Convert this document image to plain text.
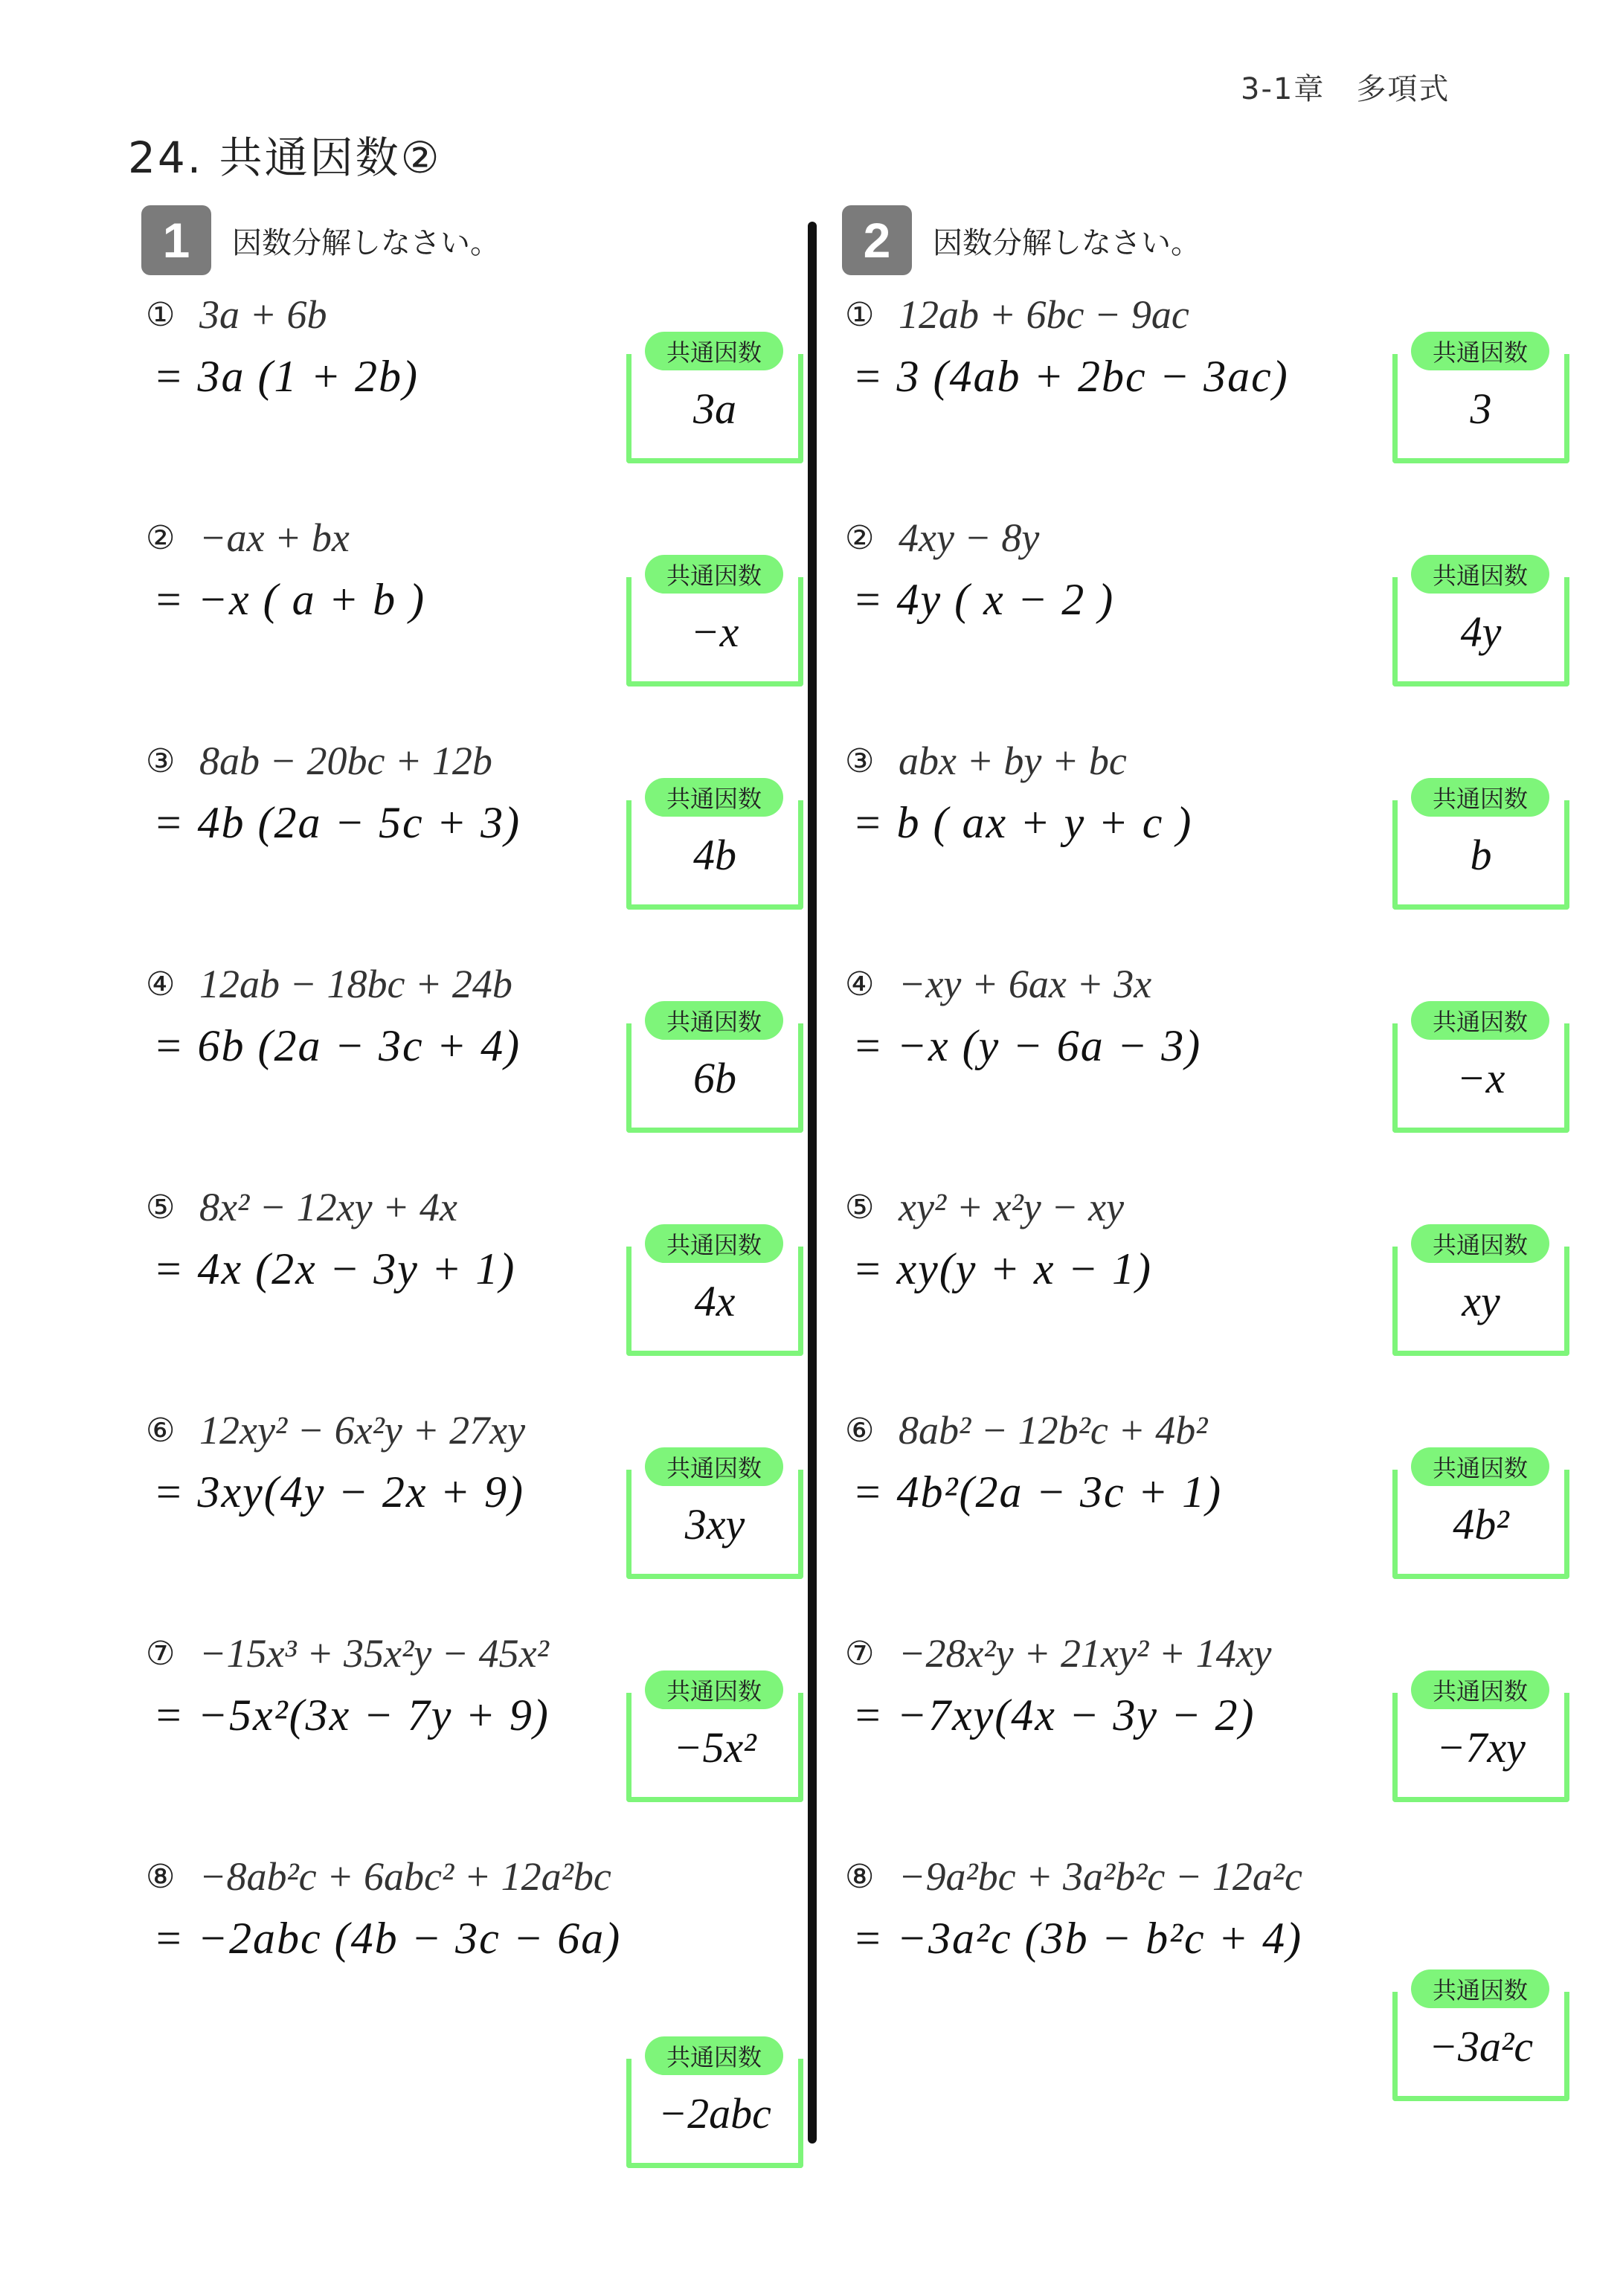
3-1章　多項式
24. 共通因数②
1	因数分解しなさい。	2	因数分解しなさい。
① 3a + 6b
= 3a (1 + 2b)	共通因数
3a
② −ax + bx
= −x ( a + b )	共通因数
−x
③ 8ab − 20bc + 12b
= 4b (2a − 5c + 3)	共通因数
4b
④ 12ab − 18bc + 24b
= 6b (2a − 3c + 4)	共通因数
6b
⑤ 8x² − 12xy + 4x
= 4x (2x − 3y + 1)	共通因数
4x
⑥ 12xy² − 6x²y + 27xy
= 3xy(4y − 2x + 9)	共通因数
3xy
⑦ −15x³ + 35x²y − 45x²
= −5x²(3x − 7y + 9)	共通因数
−5x²
⑧ −8ab²c + 6abc² + 12a²bc
= −2abc (4b − 3c − 6a)
共通因数
−2abc
① 12ab + 6bc − 9ac
= 3 (4ab + 2bc − 3ac)	共通因数
3
② 4xy − 8y
= 4y ( x − 2 )	共通因数
4y
③ abx + by + bc
= b ( ax + y + c )	共通因数
b
④ −xy + 6ax + 3x
= −x (y − 6a − 3)	共通因数
−x
⑤ xy² + x²y − xy
= xy(y + x − 1)	共通因数
xy
⑥ 8ab² − 12b²c + 4b²
= 4b²(2a − 3c + 1)	共通因数
4b²
⑦ −28x²y + 21xy² + 14xy
= −7xy(4x − 3y − 2)	共通因数
−7xy
⑧ −9a²bc + 3a²b²c − 12a²c
= −3a²c (3b − b²c + 4)
共通因数
−3a²c
